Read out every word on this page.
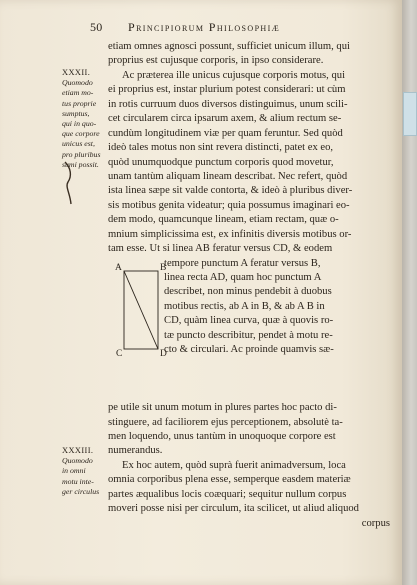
50 Principiorum Philosophiæ
XXXII.
Quomodo
etiam mo-
tus proprie
sumptus,
qui in quo-
que corpore
unicus est,
pro pluribus
sumi possit.
XXXIII.
Quomodo
in omni
motu inte-
ger circulus
etiam omnes agnosci possunt, sufficiet unicum illum, qui
proprius est cujusque corporis, in ipso considerare.
Ac præterea ille unicus cujusque corporis motus, qui
ei proprius est, instar plurium potest considerari: ut cùm
in rotis curruum duos diversos distinguimus, unum scili-
cet circularem circa ipsarum axem, & alium rectum se-
cundùm longitudinem viæ per quam feruntur. Sed quòd
ideò tales motus non sint revera distincti, patet ex eo,
quòd unumquodque punctum corporis quod movetur,
unam tantùm aliquam lineam describat. Nec refert, quòd
ista linea sæpe sit valde contorta, & ideò à pluribus diver-
sis motibus genita videatur; quia possumus imaginari eo-
dem modo, quamcunque lineam, etiam rectam, quæ o-
mnium simplicissima est, ex infinitis diversis motibus or-
tam esse. Ut si linea AB feratur versus CD, & eodem
A	B
C	D
tempore punctum A feratur versus B,
linea recta AD, quam hoc punctum A
describet, non minus pendebit à duobus
motibus rectis, ab A in B, & ab A B in
CD, quàm linea curva, quæ à quovis ro-
tæ puncto describitur, pendet à motu re-
cto & circulari. Ac proinde quamvis sæ-
pe utile sit unum motum in plures partes hoc pacto di-
stinguere, ad faciliorem ejus perceptionem, absolutè ta-
men loquendo, unus tantùm in unoquoque corpore est
numerandus.
Ex hoc autem, quòd suprà fuerit animadversum, loca
omnia corporibus plena esse, semperque easdem materiæ
partes æqualibus locis coæquari; sequitur nullum corpus
moveri posse nisi per circulum, ita scilicet, ut aliud aliquod
corpus
